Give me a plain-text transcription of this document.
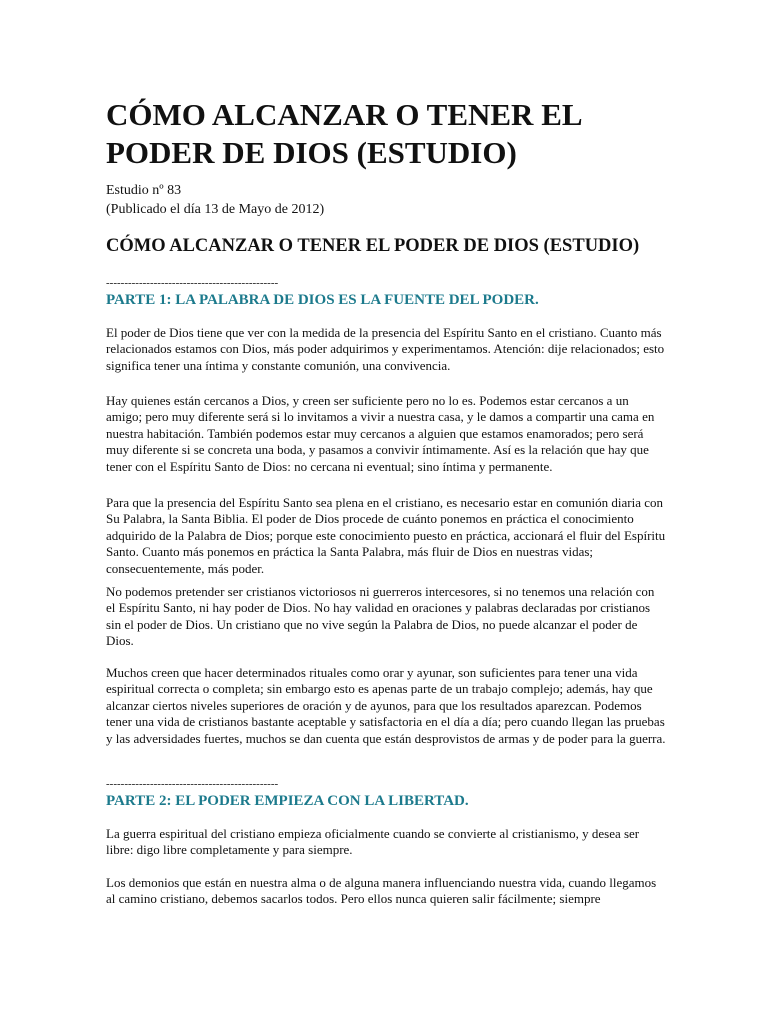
CÓMO ALCANZAR O TENER EL PODER DE DIOS (ESTUDIO)
Estudio nº 83
(Publicado el día 13 de Mayo de 2012)
CÓMO ALCANZAR O TENER EL PODER DE DIOS (ESTUDIO)
-----------------------------------------------
PARTE 1: LA PALABRA DE DIOS ES LA FUENTE DEL PODER.

El poder de Dios tiene que ver con la medida de la presencia del Espíritu Santo en el cristiano. Cuanto más relacionados estamos con Dios, más poder adquirimos y experimentamos. Atención: dije relacionados; esto significa tener una íntima y constante comunión, una convivencia.

Hay quienes están cercanos a Dios, y creen ser suficiente pero no lo es. Podemos estar cercanos a un amigo; pero muy diferente será si lo invitamos a vivir a nuestra casa, y le damos a compartir una cama en nuestra habitación. También podemos estar muy cercanos a alguien que estamos enamorados; pero será muy diferente si se concreta una boda, y pasamos a convivir íntimamente. Así es la relación que hay que tener con el Espíritu Santo de Dios: no cercana ni eventual; sino íntima y permanente.

Para que la presencia del Espíritu Santo sea plena en el cristiano, es necesario estar en comunión diaria con Su Palabra, la Santa Biblia. El poder de Dios procede de cuánto ponemos en práctica el conocimiento adquirido de la Palabra de Dios; porque este conocimiento puesto en práctica, accionará el fluir del Espíritu Santo. Cuanto más ponemos en práctica la Santa Palabra, más fluir de Dios en nuestras vidas; consecuentemente, más poder.

No podemos pretender ser cristianos victoriosos ni guerreros intercesores, si no tenemos una relación con el Espíritu Santo, ni hay poder de Dios. No hay validad en oraciones y palabras declaradas por cristianos sin el poder de Dios. Un cristiano que no vive según la Palabra de Dios, no puede alcanzar el poder de Dios.

Muchos creen que hacer determinados rituales como orar y ayunar, son suficientes para tener una vida espiritual correcta o completa; sin embargo esto es apenas parte de un trabajo complejo; además, hay que alcanzar ciertos niveles superiores de oración y de ayunos, para que los resultados aparezcan. Podemos tener una vida de cristianos bastante aceptable y satisfactoria en el día a día; pero cuando llegan las pruebas y las adversidades fuertes, muchos se dan cuenta que están desprovistos de armas y de poder para la guerra.

-----------------------------------------------
PARTE 2: EL PODER EMPIEZA CON LA LIBERTAD.

La guerra espiritual del cristiano empieza oficialmente cuando se convierte al cristianismo, y desea ser libre: digo libre completamente y para siempre.

Los demonios que están en nuestra alma o de alguna manera influenciando nuestra vida, cuando llegamos al camino cristiano, debemos sacarlos todos. Pero ellos nunca quieren salir fácilmente; siempre
